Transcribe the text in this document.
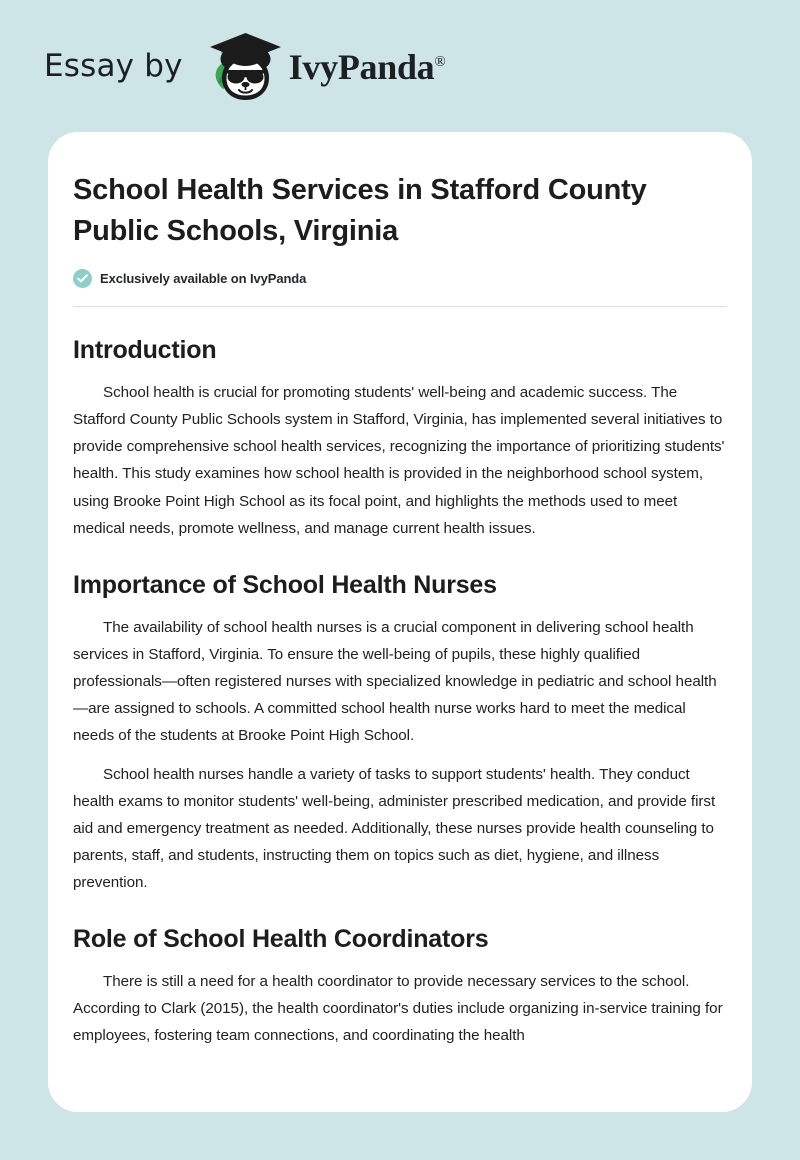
Essay by	IvyPanda®
School Health Services in Stafford County Public Schools, Virginia
Exclusively available on IvyPanda
Introduction

School health is crucial for promoting students' well-being and academic success. The Stafford County Public Schools system in Stafford, Virginia, has implemented several initiatives to provide comprehensive school health services, recognizing the importance of prioritizing students' health. This study examines how school health is provided in the neighborhood school system, using Brooke Point High School as its focal point, and highlights the methods used to meet medical needs, promote wellness, and manage current health issues.

Importance of School Health Nurses

The availability of school health nurses is a crucial component in delivering school health services in Stafford, Virginia. To ensure the well-being of pupils, these highly qualified professionals—often registered nurses with specialized knowledge in pediatric and school health—are assigned to schools. A committed school health nurse works hard to meet the medical needs of the students at Brooke Point High School.

School health nurses handle a variety of tasks to support students' health. They conduct health exams to monitor students' well-being, administer prescribed medication, and provide first aid and emergency treatment as needed. Additionally, these nurses provide health counseling to parents, staff, and students, instructing them on topics such as diet, hygiene, and illness prevention.

Role of School Health Coordinators

There is still a need for a health coordinator to provide necessary services to the school. According to Clark (2015), the health coordinator's duties include organizing in-service training for employees, fostering team connections, and coordinating the health
